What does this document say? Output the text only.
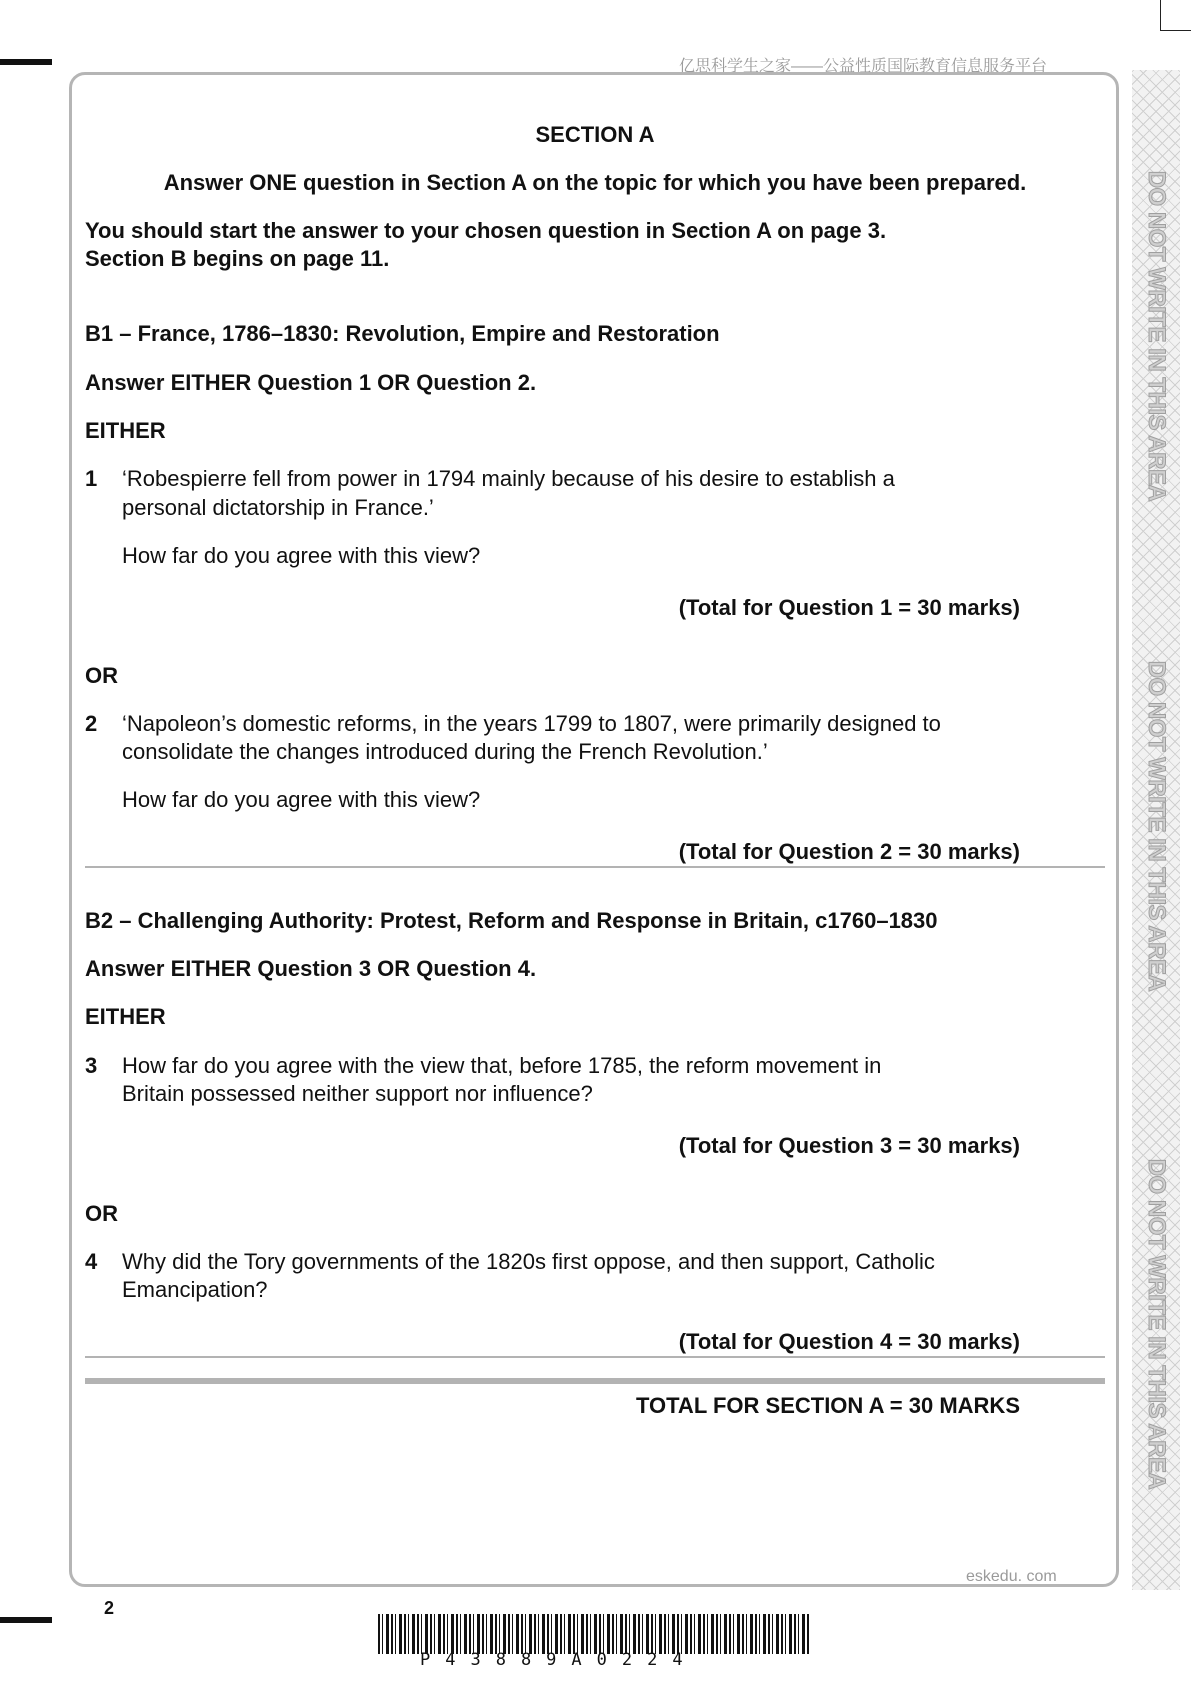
亿思科学生之家——公益性质国际教育信息服务平台
DO NOT WRITE IN THIS AREA
DO NOT WRITE IN THIS AREA
DO NOT WRITE IN THIS AREA
SECTION A
Answer ONE question in Section A on the topic for which you have been prepared.
You should start the answer to your chosen question in Section A on page 3.
Section B begins on page 11.
B1 – France, 1786–1830: Revolution, Empire and Restoration
Answer EITHER Question 1 OR Question 2.
EITHER
1 ‘Robespierre fell from power in 1794 mainly because of his desire to establish a
personal dictatorship in France.’
How far do you agree with this view?
(Total for Question 1 = 30 marks)
OR
2 ‘Napoleon’s domestic reforms, in the years 1799 to 1807, were primarily designed to
consolidate the changes introduced during the French Revolution.’
How far do you agree with this view?
(Total for Question 2 = 30 marks)
B2 – Challenging Authority: Protest, Reform and Response in Britain, c1760–1830
Answer EITHER Question 3 OR Question 4.
EITHER
3 How far do you agree with the view that, before 1785, the reform movement in
Britain possessed neither support nor influence?
(Total for Question 3 = 30 marks)
OR
4 Why did the Tory governments of the 1820s first oppose, and then support, Catholic
Emancipation?
(Total for Question 4 = 30 marks)
TOTAL FOR SECTION A = 30 MARKS
eskedu. com
2
P43889A0224
